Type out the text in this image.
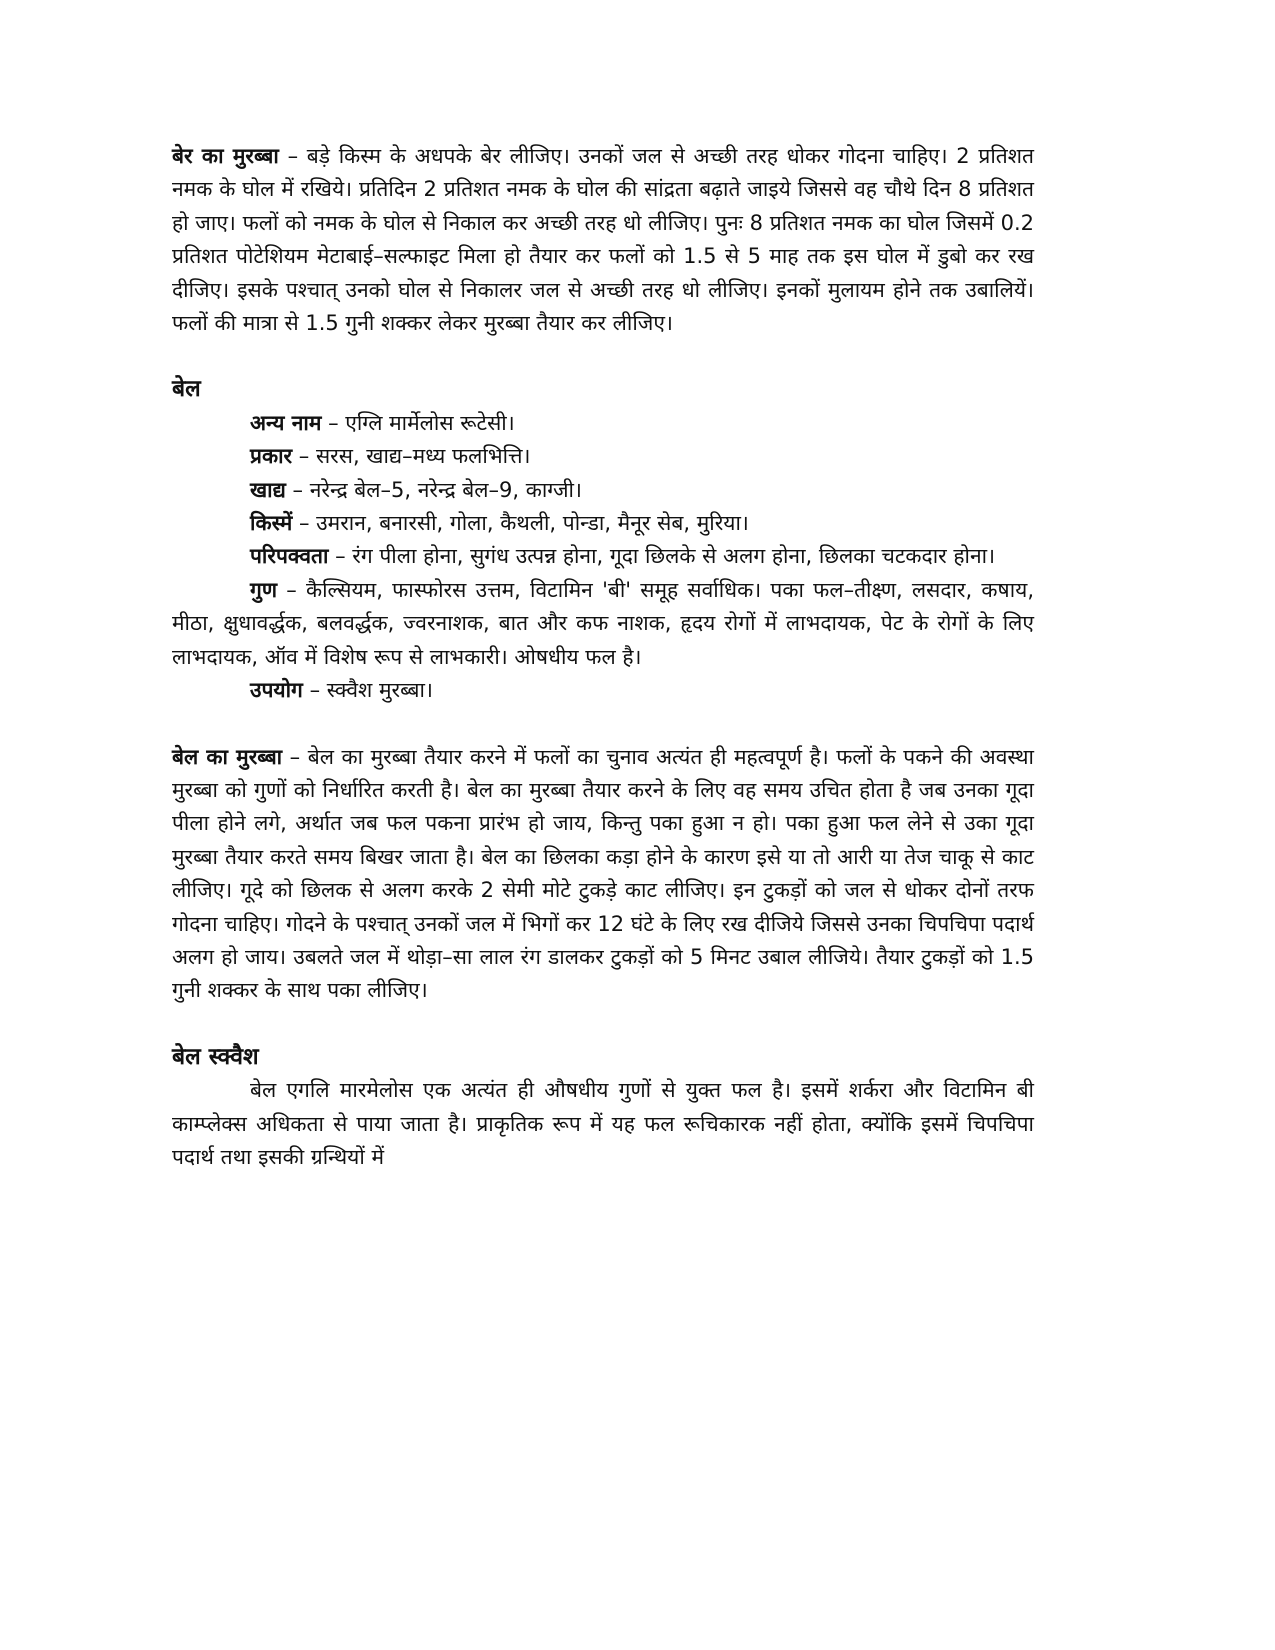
बेर का मुरब्बा – बड़े किस्म के अधपके बेर लीजिए। उनकों जल से अच्छी तरह धोकर गोदना चाहिए। 2 प्रतिशत नमक के घोल में रखिये। प्रतिदिन 2 प्रतिशत नमक के घोल की सांद्रता बढ़ाते जाइये जिससे वह चौथे दिन 8 प्रतिशत हो जाए। फलों को नमक के घोल से निकाल कर अच्छी तरह धो लीजिए। पुनः 8 प्रतिशत नमक का घोल जिसमें 0.2 प्रतिशत पोटेशियम मेटाबाई–सल्फाइट मिला हो तैयार कर फलों को 1.5 से 5 माह तक इस घोल में डुबो कर रख दीजिए। इसके पश्चात् उनको घोल से निकालर जल से अच्छी तरह धो लीजिए। इनकों मुलायम होने तक उबालियें। फलों की मात्रा से 1.5 गुनी शक्कर लेकर मुरब्बा तैयार कर लीजिए।

बेल

अन्य नाम – एग्लि मार्मेलोस रूटेसी।

प्रकार – सरस, खाद्य–मध्य फलभित्ति।

खाद्य – नरेन्द्र बेल–5, नरेन्द्र बेल–9, काग्जी।

किस्में – उमरान, बनारसी, गोला, कैथली, पोन्डा, मैनूर सेब, मुरिया।

परिपक्वता – रंग पीला होना, सुगंध उत्पन्न होना, गूदा छिलके से अलग होना, छिलका चटकदार होना।

गुण – कैल्सियम, फास्फोरस उत्तम, विटामिन 'बी' समूह सर्वाधिक। पका फल–तीक्ष्ण, लसदार, कषाय, मीठा, क्षुधावर्द्धक, बलवर्द्धक, ज्वरनाशक, बात और कफ नाशक, हृदय रोगों में लाभदायक, पेट के रोगों के लिए लाभदायक, ऑव में विशेष रूप से लाभकारी। ओषधीय फल है।

उपयोग – स्क्वैश मुरब्बा।

बेल का मुरब्बा – बेल का मुरब्बा तैयार करने में फलों का चुनाव अत्यंत ही महत्वपूर्ण है। फलों के पकने की अवस्था मुरब्बा को गुणों को निर्धारित करती है। बेल का मुरब्बा तैयार करने के लिए वह समय उचित होता है जब उनका गूदा पीला होने लगे, अर्थात जब फल पकना प्रारंभ हो जाय, किन्तु पका हुआ न हो। पका हुआ फल लेने से उका गूदा मुरब्बा तैयार करते समय बिखर जाता है। बेल का छिलका कड़ा होने के कारण इसे या तो आरी या तेज चाकू से काट लीजिए। गूदे को छिलक से अलग करके 2 सेमी मोटे टुकड़े काट लीजिए। इन टुकड़ों को जल से धोकर दोनों तरफ गोदना चाहिए। गोदने के पश्चात् उनकों जल में भिगों कर 12 घंटे के लिए रख दीजिये जिससे उनका चिपचिपा पदार्थ अलग हो जाय। उबलते जल में थोड़ा–सा लाल रंग डालकर टुकड़ों को 5 मिनट उबाल लीजिये। तैयार टुकड़ों को 1.5 गुनी शक्कर के साथ पका लीजिए।

बेल स्क्वैश

बेल एगलि मारमेलोस एक अत्यंत ही औषधीय गुणों से युक्त फल है। इसमें शर्करा और विटामिन बी काम्प्लेक्स अधिकता से पाया जाता है। प्राकृतिक रूप में यह फल रूचिकारक नहीं होता, क्योंकि इसमें चिपचिपा पदार्थ तथा इसकी ग्रन्थियों में
